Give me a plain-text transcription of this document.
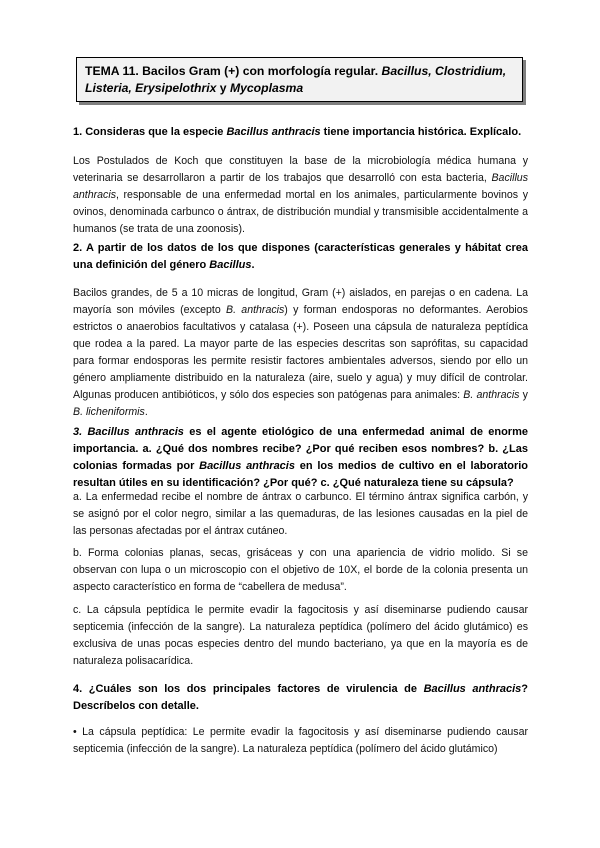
TEMA 11. Bacilos Gram (+) con morfología regular. Bacillus, Clostridium,
Listeria, Erysipelothrix y Mycoplasma
1. Consideras que la especie Bacillus anthracis tiene importancia histórica. Explícalo.
Los Postulados de Koch que constituyen la base de la microbiología médica humana y veterinaria se desarrollaron a partir de los trabajos que desarrolló con esta bacteria, Bacillus anthracis, responsable de una enfermedad mortal en los animales, particularmente bovinos y ovinos, denominada carbunco o ántrax, de distribución mundial y transmisible accidentalmente a humanos (se trata de una zoonosis).
2. A partir de los datos de los que dispones (características generales y hábitat crea una definición del género Bacillus.
Bacilos grandes, de 5 a 10 micras de longitud, Gram (+) aislados, en parejas o en cadena. La mayoría son móviles (excepto B. anthracis) y forman endosporas no deformantes. Aerobios estrictos o anaerobios facultativos y catalasa (+). Poseen una cápsula de naturaleza peptídica que rodea a la pared. La mayor parte de las especies descritas son saprófitas, su capacidad para formar endosporas les permite resistir factores ambientales adversos, siendo por ello un género ampliamente distribuido en la naturaleza (aire, suelo y agua) y muy difícil de controlar. Algunas producen antibióticos, y sólo dos especies son patógenas para animales: B. anthracis y B. licheniformis.
3. Bacillus anthracis es el agente etiológico de una enfermedad animal de enorme importancia. a. ¿Qué dos nombres recibe? ¿Por qué reciben esos nombres? b. ¿Las colonias formadas por Bacillus anthracis en los medios de cultivo en el laboratorio resultan útiles en su identificación? ¿Por qué? c. ¿Qué naturaleza tiene su cápsula?
a. La enfermedad recibe el nombre de ántrax o carbunco. El término ántrax significa carbón, y se asignó por el color negro, similar a las quemaduras, de las lesiones causadas en la piel de las personas afectadas por el ántrax cutáneo.
b. Forma colonias planas, secas, grisáceas y con una apariencia de vidrio molido. Si se observan con lupa o un microscopio con el objetivo de 10X, el borde de la colonia presenta un aspecto característico en forma de “cabellera de medusa”.
c. La cápsula peptídica le permite evadir la fagocitosis y así diseminarse pudiendo causar septicemia (infección de la sangre). La naturaleza peptídica (polímero del ácido glutámico) es exclusiva de unas pocas especies dentro del mundo bacteriano, ya que en la mayoría es de naturaleza polisacarídica.
4. ¿Cuáles son los dos principales factores de virulencia de Bacillus anthracis? Descríbelos con detalle.
• La cápsula peptídica: Le permite evadir la fagocitosis y así diseminarse pudiendo causar septicemia (infección de la sangre). La naturaleza peptídica (polímero del ácido glutámico)
